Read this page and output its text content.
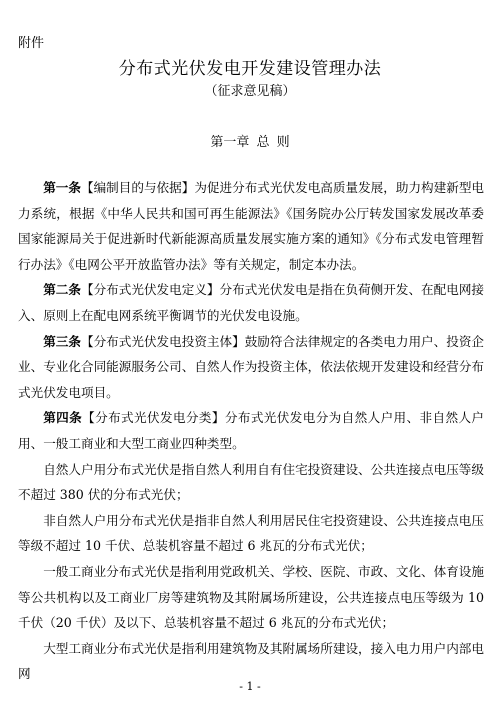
附件
分布式光伏发电开发建设管理办法
（征求意见稿）
第一章 总 则

第一条【编制目的与依据】为促进分布式光伏发电高质量发展，助力构建新型电力系统，根据《中华人民共和国可再生能源法》《国务院办公厅转发国家发展改革委 国家能源局关于促进新时代新能源高质量发展实施方案的通知》《分布式发电管理暂行办法》《电网公平开放监管办法》等有关规定，制定本办法。

第二条【分布式光伏发电定义】分布式光伏发电是指在负荷侧开发、在配电网接入、原则上在配电网系统平衡调节的光伏发电设施。

第三条【分布式光伏发电投资主体】鼓励符合法律规定的各类电力用户、投资企业、专业化合同能源服务公司、自然人作为投资主体，依法依规开发建设和经营分布式光伏发电项目。

第四条【分布式光伏发电分类】分布式光伏发电分为自然人户用、非自然人户用、一般工商业和大型工商业四种类型。

自然人户用分布式光伏是指自然人利用自有住宅投资建设、公共连接点电压等级不超过 380 伏的分布式光伏；

非自然人户用分布式光伏是指非自然人利用居民住宅投资建设、公共连接点电压等级不超过 10 千伏、总装机容量不超过 6 兆瓦的分布式光伏；

一般工商业分布式光伏是指利用党政机关、学校、医院、市政、文化、体育设施等公共机构以及工商业厂房等建筑物及其附属场所建设，公共连接点电压等级为 10 千伏（20 千伏）及以下、总装机容量不超过 6 兆瓦的分布式光伏；

大型工商业分布式光伏是指利用建筑物及其附属场所建设，接入电力用户内部电网

- 1 -
